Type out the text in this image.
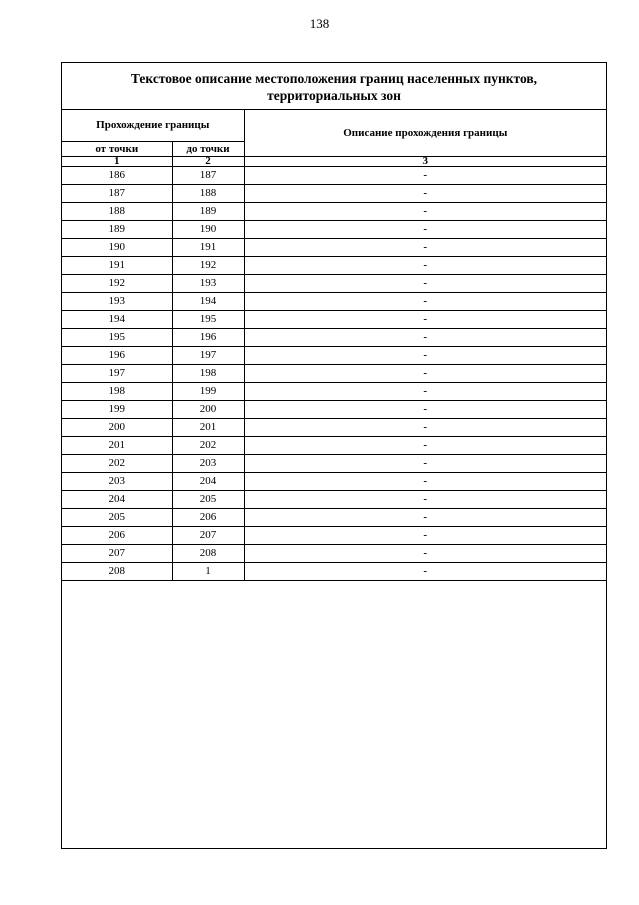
138
Текстовое описание местоположения границ населенных пунктов,
территориальных зон
Прохождение границы		Описание прохождения границы
от точки	до точки	
1	2	3
186	187	-
187	188	-
188	189	-
189	190	-
190	191	-
191	192	-
192	193	-
193	194	-
194	195	-
195	196	-
196	197	-
197	198	-
198	199	-
199	200	-
200	201	-
201	202	-
202	203	-
203	204	-
204	205	-
205	206	-
206	207	-
207	208	-
208	1	-
